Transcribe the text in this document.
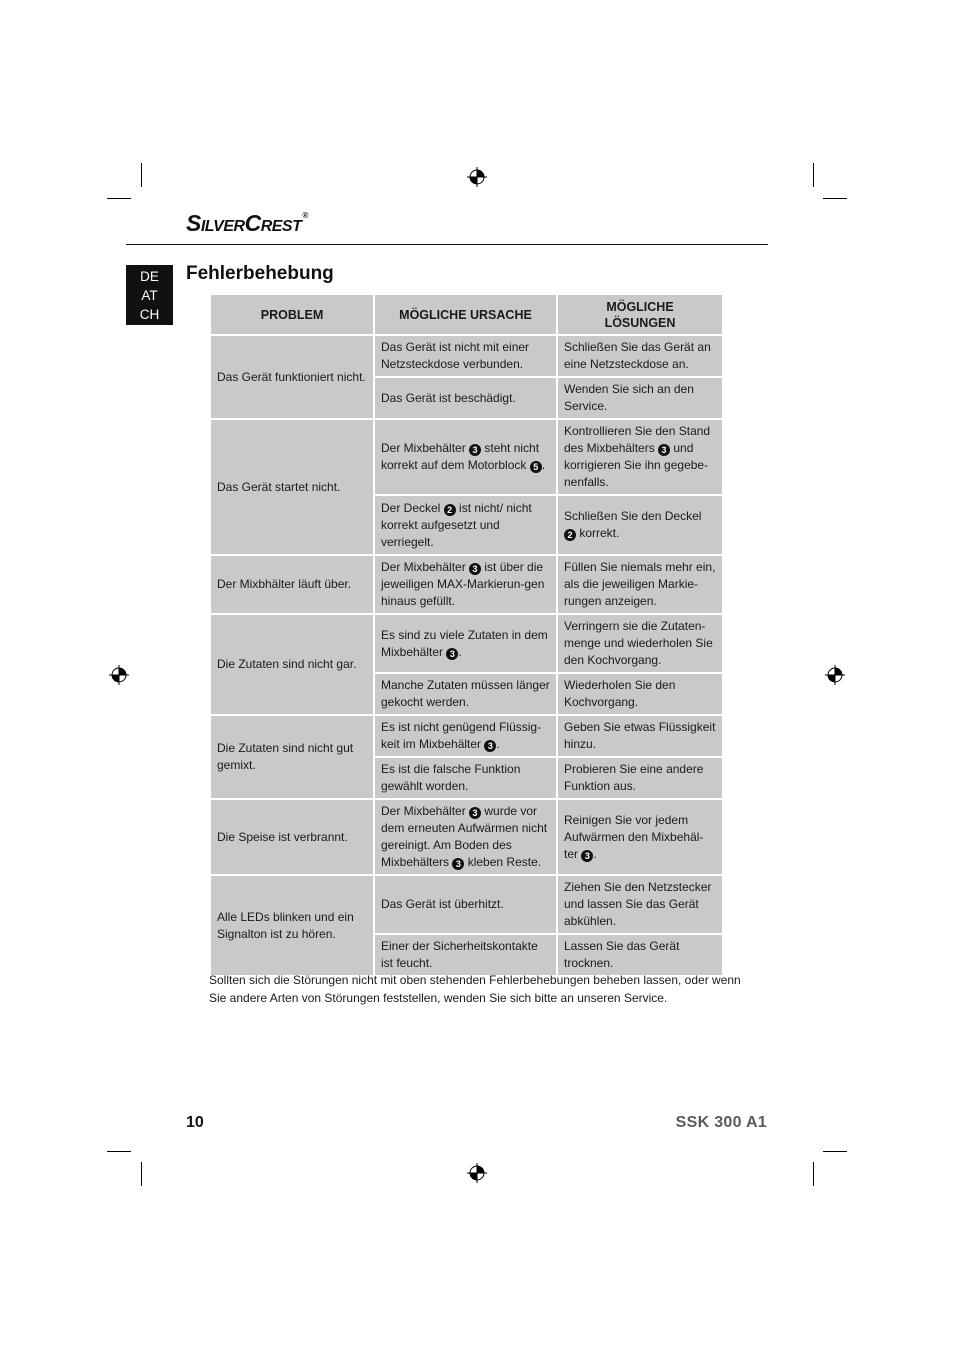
SILVERCREST®
DE
AT
CH
Fehlerbehebung
PROBLEM	MÖGLICHE URSACHE	MÖGLICHE
LÖSUNGEN
Das Gerät funktioniert nicht.	Das Gerät ist nicht mit einer Netzsteckdose verbunden.	Schließen Sie das Gerät an eine Netzsteckdose an.
	Das Gerät ist beschädigt.	Wenden Sie sich an den Service.
Das Gerät startet nicht.	Der Mixbehälter 3 steht nicht korrekt auf dem Motorblock 5 .	Kontrollieren Sie den Stand des Mixbehälters 3 und korrigieren Sie ihn gegebe-nenfalls.
	Der Deckel 2 ist nicht/ nicht korrekt aufgesetzt und verriegelt.	Schließen Sie den Deckel 2 korrekt.
Der Mixbhälter läuft über.	Der Mixbehälter 3 ist über die jeweiligen MAX-Markierun-gen hinaus gefüllt.	Füllen Sie niemals mehr ein, als die jeweiligen Markie-rungen anzeigen.
Die Zutaten sind nicht gar.	Es sind zu viele Zutaten in dem Mixbehälter 3 .	Verringern sie die Zutaten-menge und wiederholen Sie den Kochvorgang.
	Manche Zutaten müssen länger gekocht werden.	Wiederholen Sie den Kochvorgang.
Die Zutaten sind nicht gut gemixt.	Es ist nicht genügend Flüssig-keit im Mixbehälter 3 .	Geben Sie etwas Flüssigkeit hinzu.
	Es ist die falsche Funktion gewählt worden.	Probieren Sie eine andere Funktion aus.
Die Speise ist verbrannt.	Der Mixbehälter 3 wurde vor dem erneuten Aufwärmen nicht gereinigt. Am Boden des Mixbehälters 3 kleben Reste.	Reinigen Sie vor jedem Aufwärmen den Mixbehäl-ter 3 .
Alle LEDs blinken und ein Signalton ist zu hören.	Das Gerät ist überhitzt.	Ziehen Sie den Netzstecker und lassen Sie das Gerät abkühlen.
	Einer der Sicherheitskontakte ist feucht.	Lassen Sie das Gerät trocknen.
Sollten sich die Störungen nicht mit oben stehenden Fehlerbehebungen beheben lassen, oder wenn Sie andere Arten von Störungen feststellen, wenden Sie sich bitte an unseren Service.
10	SSK 300 A1
